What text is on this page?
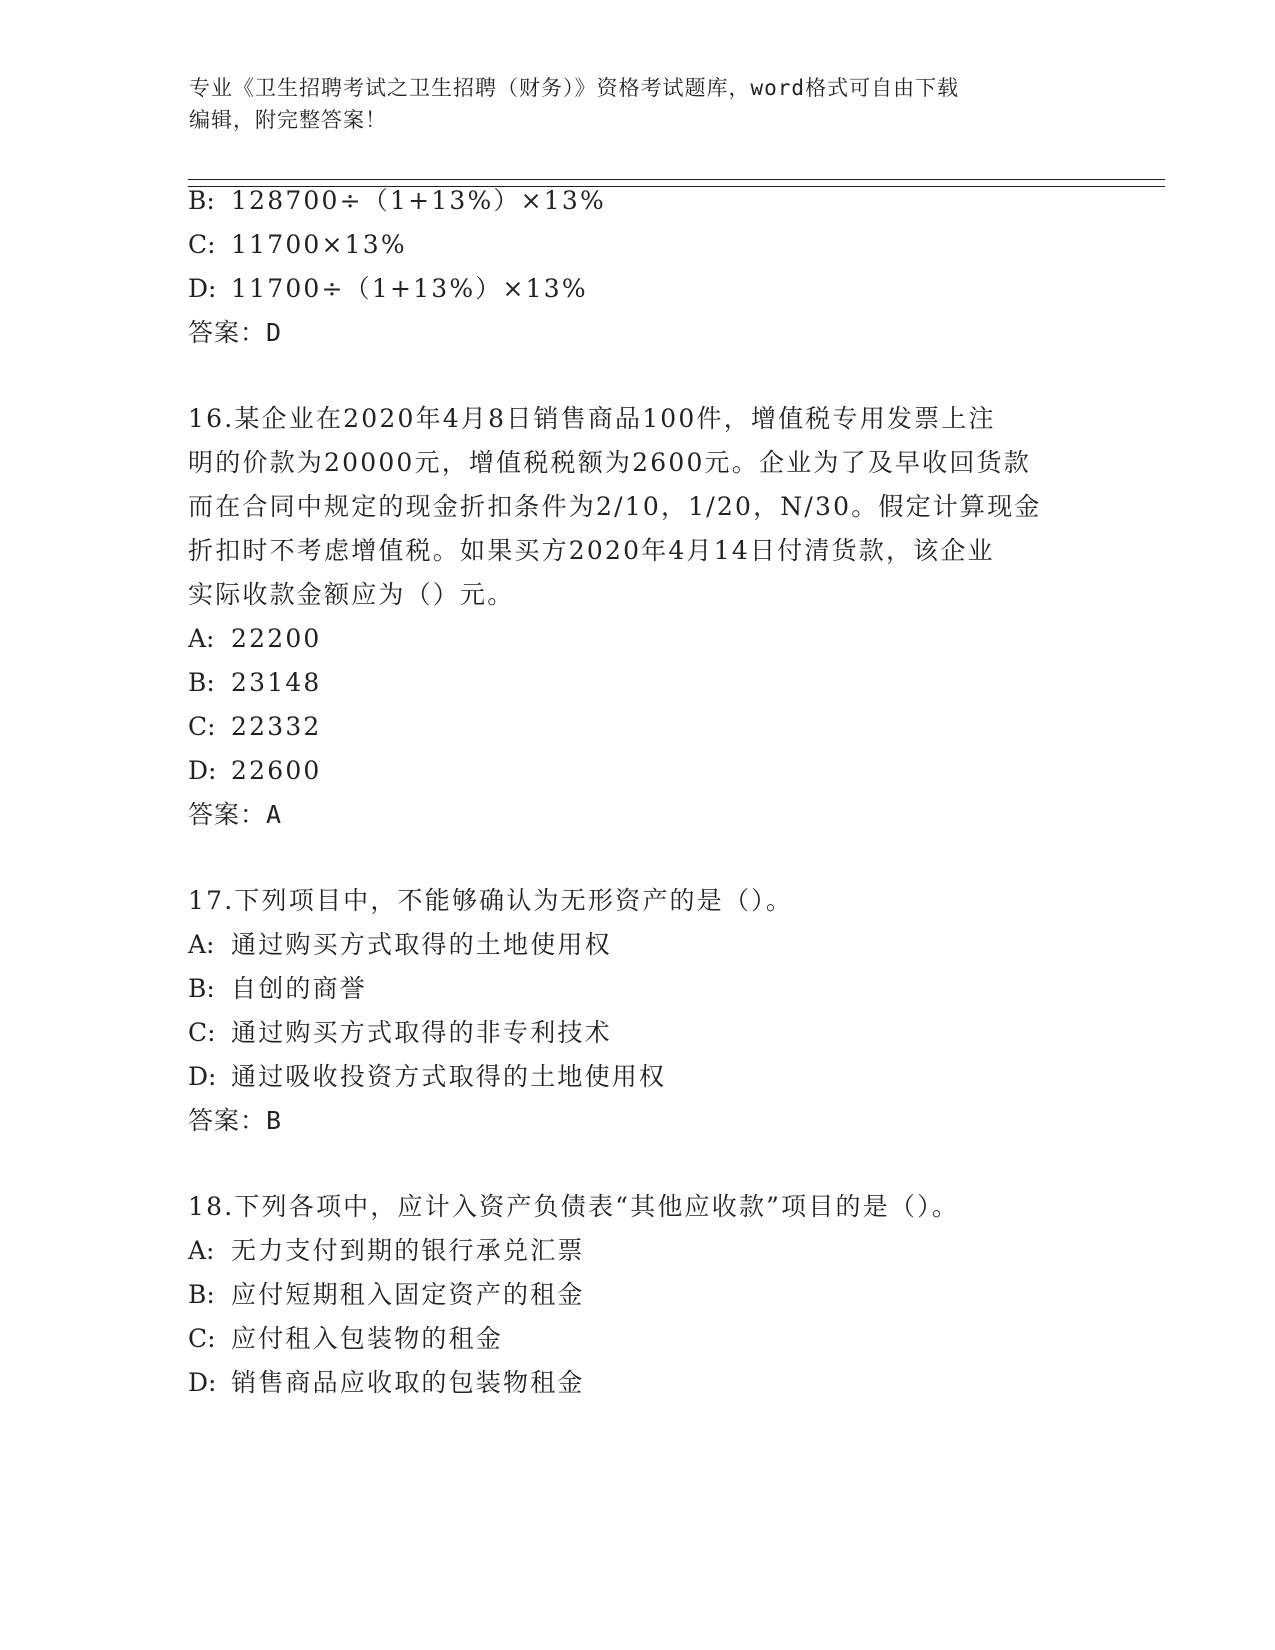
专业《卫生招聘考试之卫生招聘（财务）》资格考试题库，word格式可自由下载
编辑，附完整答案！
B: 128700÷（1+13%）×13%
C: 11700×13%
D: 11700÷（1+13%）×13%
答案：D
16.某企业在2020年4月8日销售商品100件，增值税专用发票上注
明的价款为20000元，增值税税额为2600元。企业为了及早收回货款
而在合同中规定的现金折扣条件为2/10，1/20，N/30。假定计算现金
折扣时不考虑增值税。如果买方2020年4月14日付清货款，该企业
实际收款金额应为（）元。
A: 22200
B: 23148
C: 22332
D: 22600
答案：A
17.下列项目中，不能够确认为无形资产的是（）。
A: 通过购买方式取得的土地使用权
B: 自创的商誉
C: 通过购买方式取得的非专利技术
D: 通过吸收投资方式取得的土地使用权
答案：B
18.下列各项中，应计入资产负债表“其他应收款”项目的是（）。
A: 无力支付到期的银行承兑汇票
B: 应付短期租入固定资产的租金
C: 应付租入包装物的租金
D: 销售商品应收取的包装物租金
